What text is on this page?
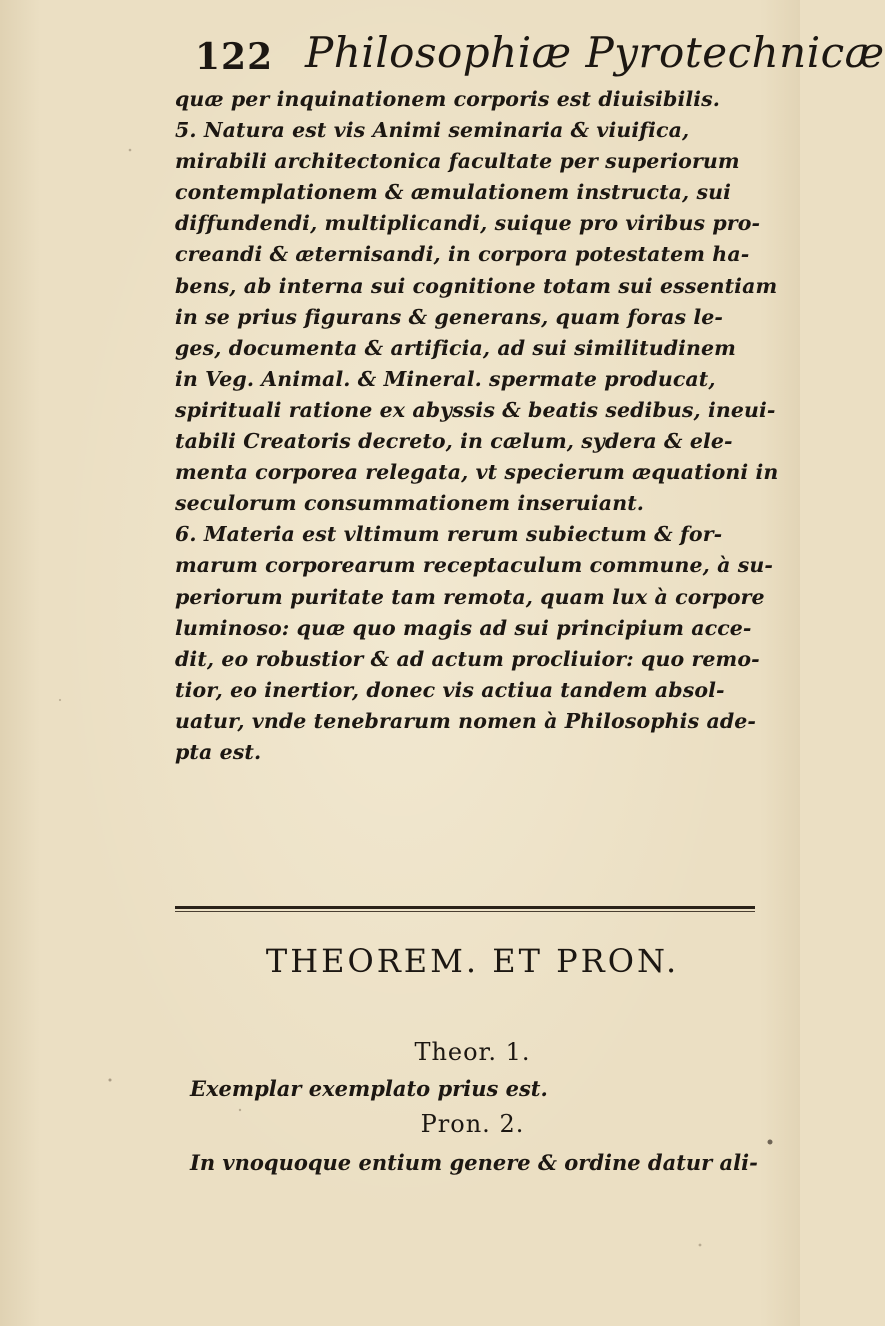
122 Philosophiæ Pyrotechnicæ
quæ per inquinationem corporis est diuisibilis.
5. Natura est vis Animi seminaria & viuifica,
mirabili architectonica facultate per superiorum
contemplationem & æmulationem instructa, sui
diffundendi, multiplicandi, suique pro viribus pro-
creandi & æternisandi, in corpora potestatem ha-
bens, ab interna sui cognitione totam sui essentiam
in se prius figurans & generans, quam foras le-
ges, documenta & artificia, ad sui similitudinem
in Veg. Animal. & Mineral. spermate producat,
spirituali ratione ex abyssis & beatis sedibus, ineui-
tabili Creatoris decreto, in cælum, sydera & ele-
menta corporea relegata, vt specierum æquationi in
seculorum consummationem inseruiant.
6. Materia est vltimum rerum subiectum & for-
marum corporearum receptaculum commune, à su-
periorum puritate tam remota, quam lux à corpore
luminoso: quæ quo magis ad sui principium acce-
dit, eo robustior & ad actum procliuior: quo remo-
tior, eo inertior, donec vis actiua tandem absol-
uatur, vnde tenebrarum nomen à Philosophis ade-
pta est.
THEOREM. ET PRON.
Theor. 1.
Exemplar exemplato prius est.
Pron. 2.
In vnoquoque entium genere & ordine datur ali-
